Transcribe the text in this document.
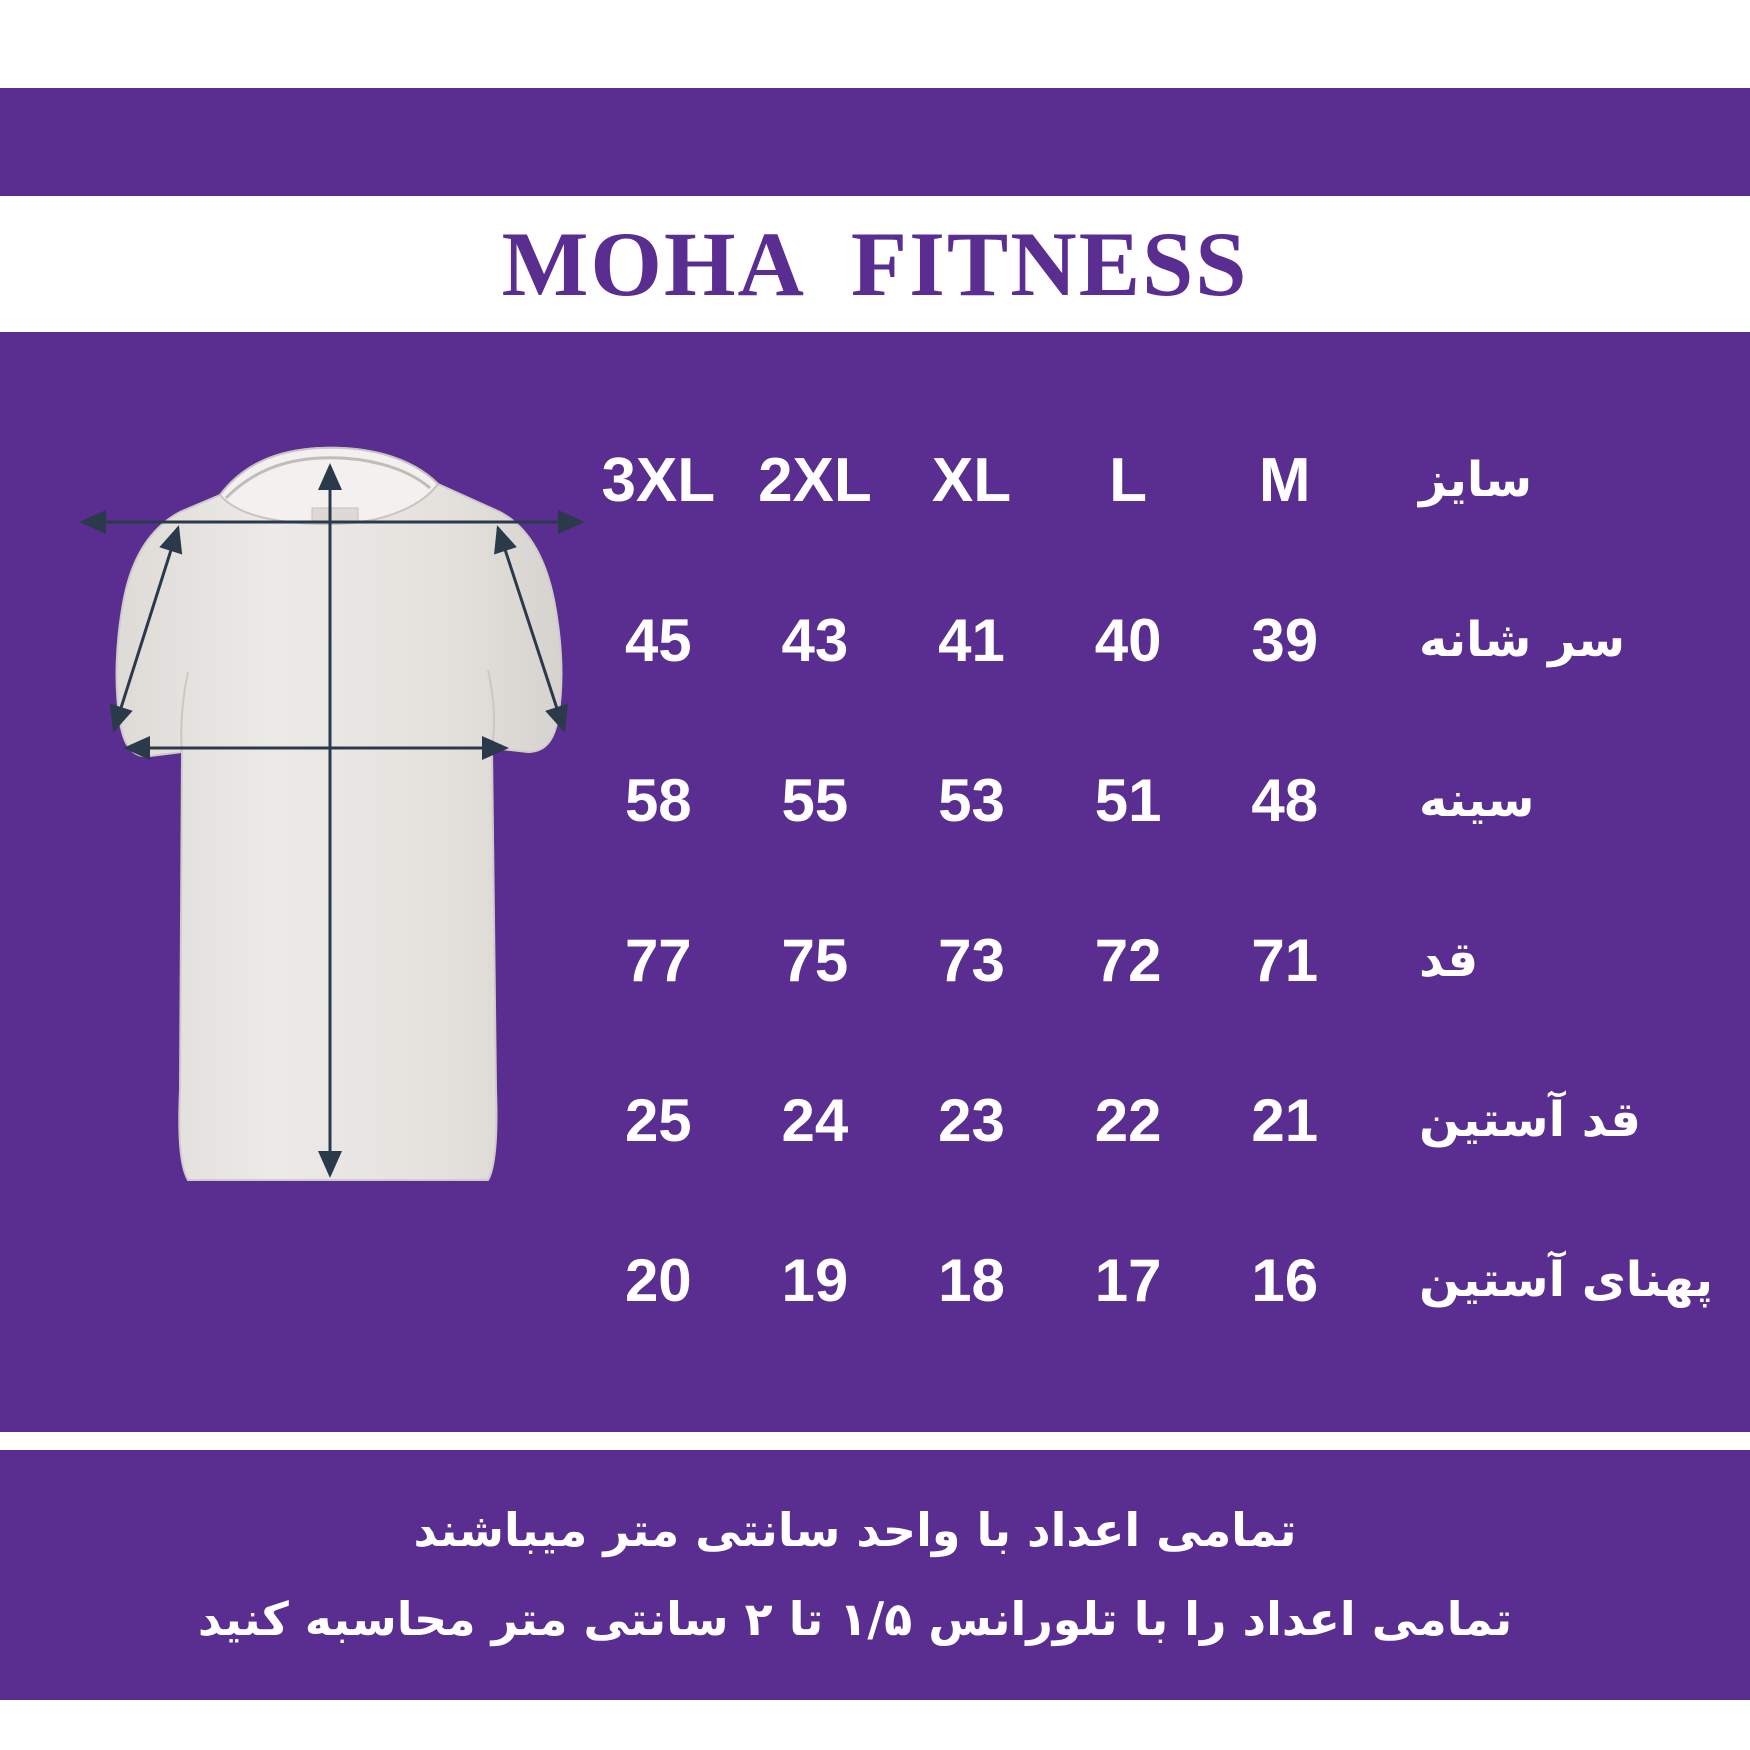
MOHA  FITNESS
سایز	M	L	XL	2XL	3XL
سر شانه	39	40	41	43	45
سینه	48	51	53	55	58
قد	71	72	73	75	77
قد آستین	21	22	23	24	25
پهنای آستین	16	17	18	19	20
تمامی اعداد با واحد سانتی متر میباشند
تمامی اعداد را با تلورانس ۱/۵ تا ۲ سانتی متر محاسبه کنید
